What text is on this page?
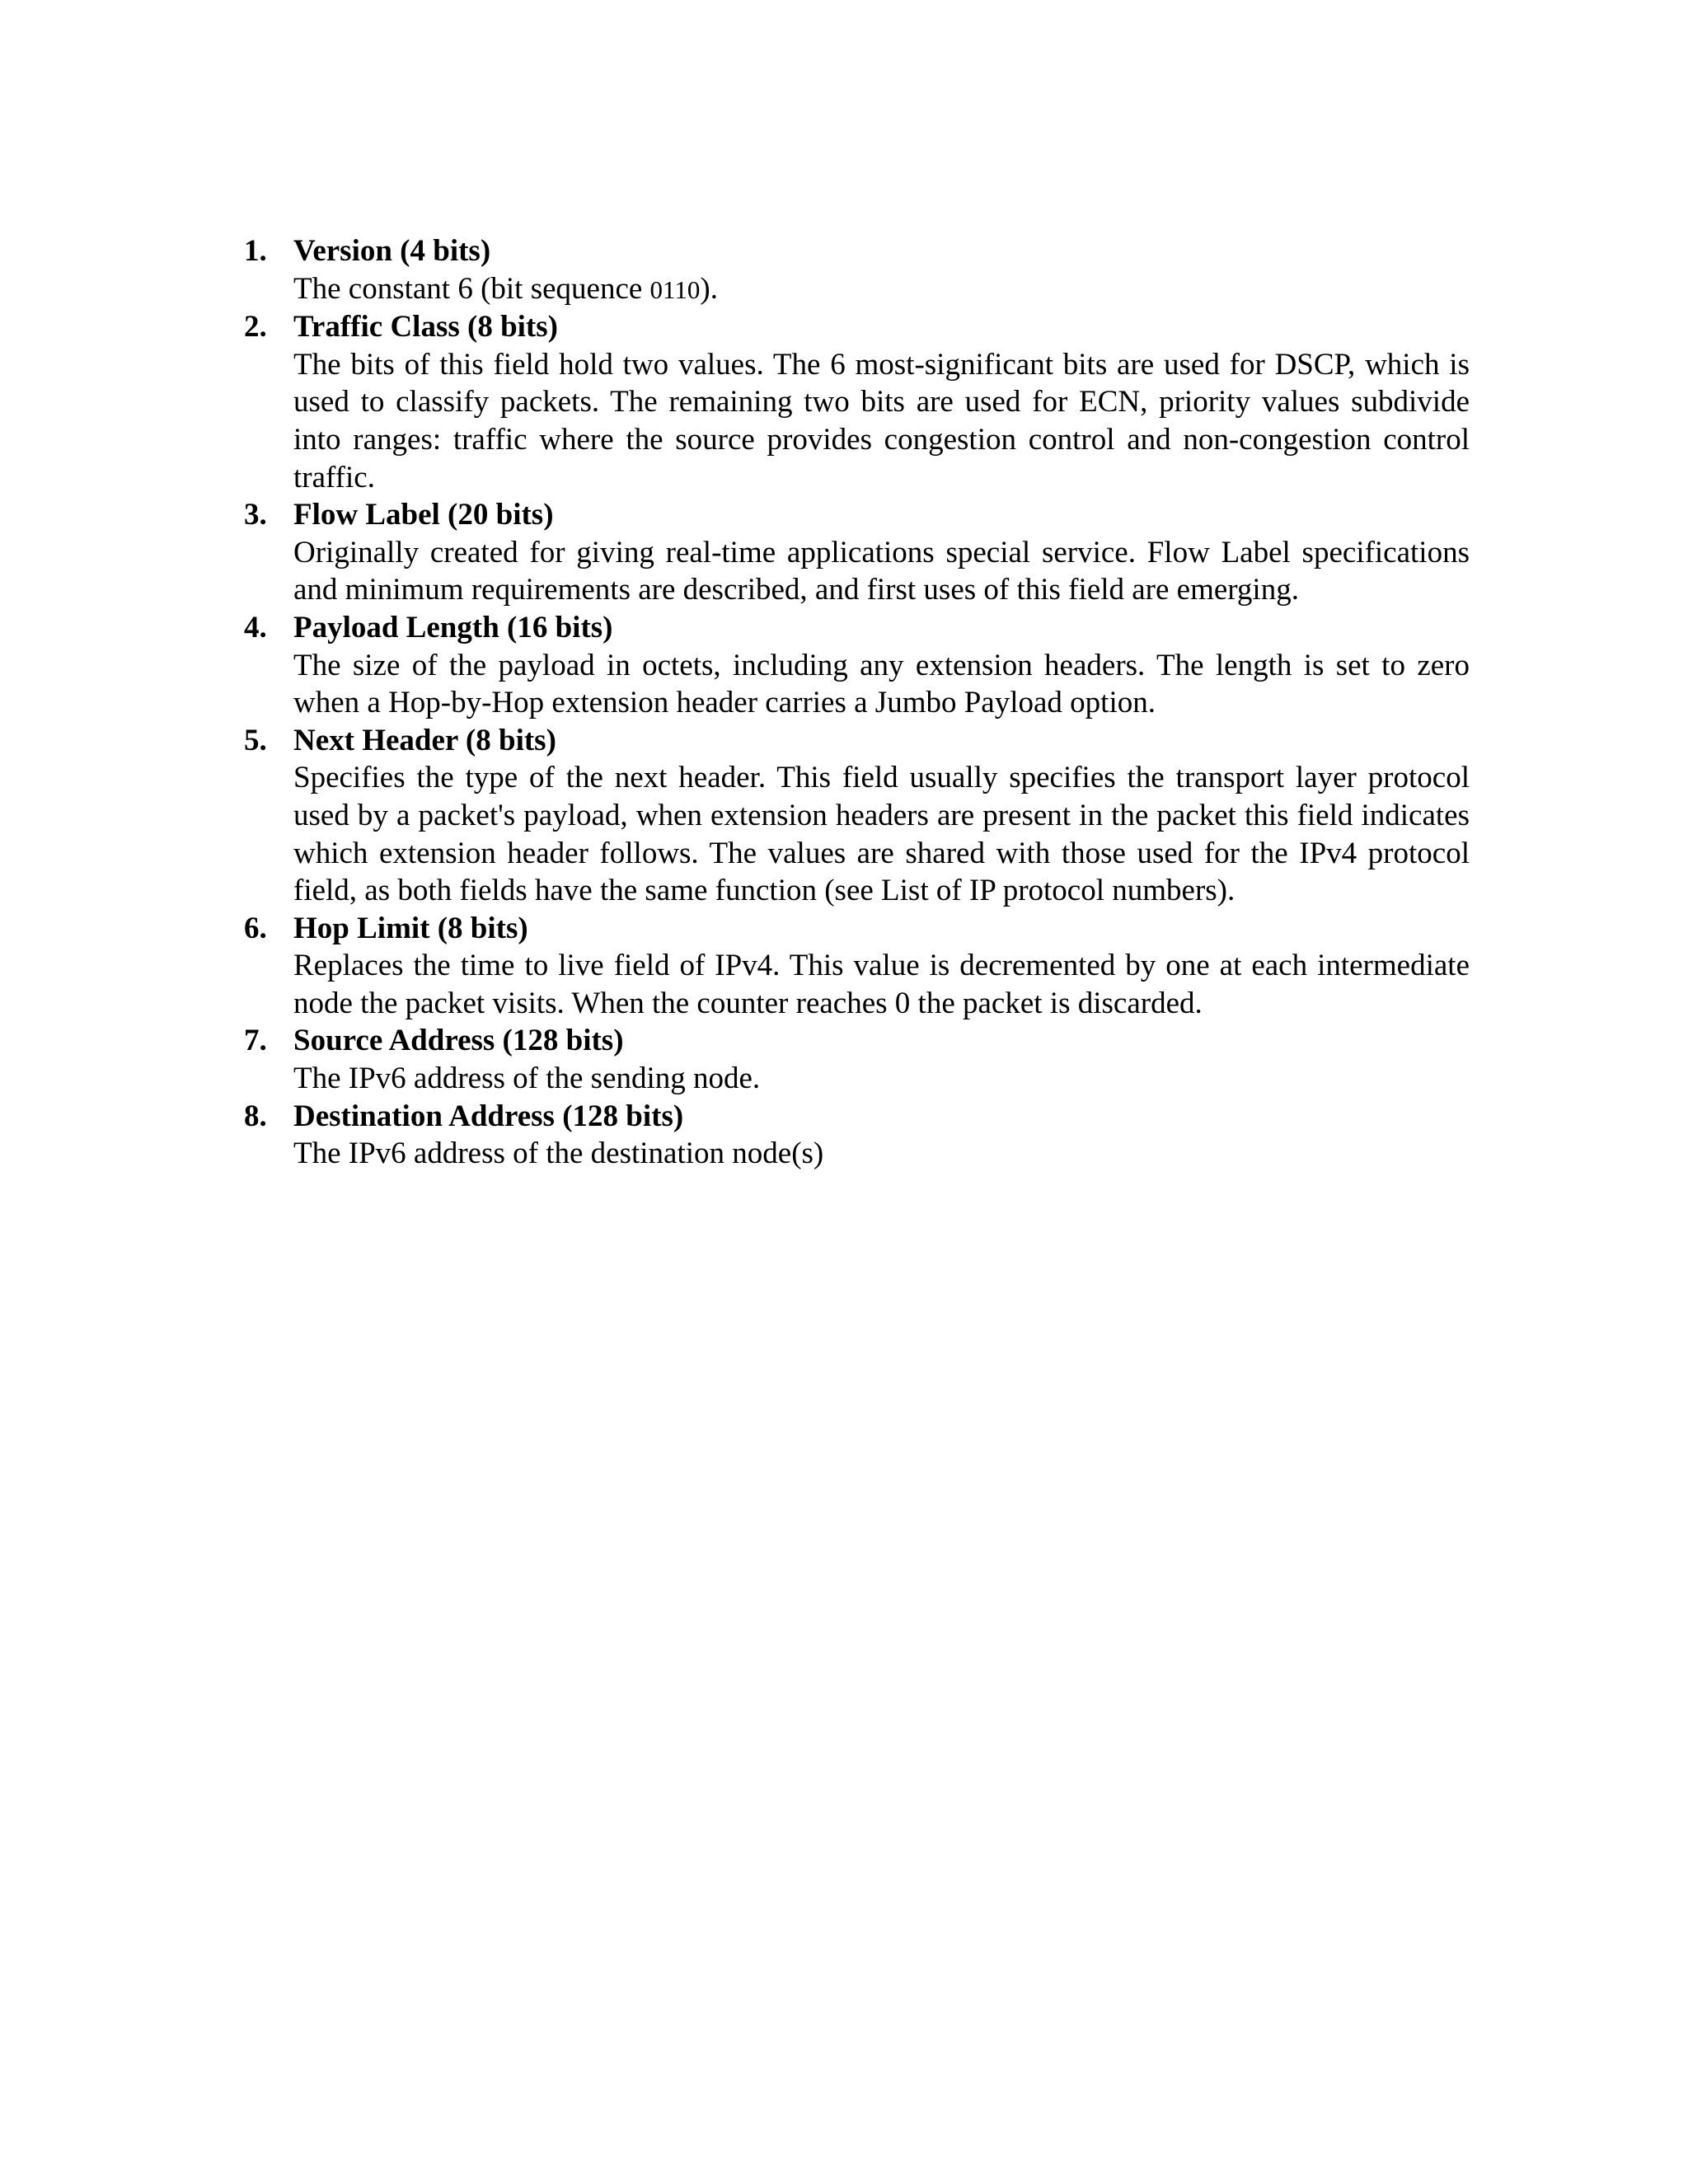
1. Version (4 bits)
The constant 6 (bit sequence 0110).
2. Traffic Class (8 bits)
The bits of this field hold two values. The 6 most-significant bits are used for DSCP, which is used to classify packets. The remaining two bits are used for ECN, priority values subdivide into ranges: traffic where the source provides congestion control and non-congestion control traffic.
3. Flow Label (20 bits)
Originally created for giving real-time applications special service. Flow Label specifications and minimum requirements are described, and first uses of this field are emerging.
4. Payload Length (16 bits)
The size of the payload in octets, including any extension headers. The length is set to zero when a Hop-by-Hop extension header carries a Jumbo Payload option.
5. Next Header (8 bits)
Specifies the type of the next header. This field usually specifies the transport layer protocol used by a packet's payload, when extension headers are present in the packet this field indicates which extension header follows. The values are shared with those used for the IPv4 protocol field, as both fields have the same function (see List of IP protocol numbers).
6. Hop Limit (8 bits)
Replaces the time to live field of IPv4. This value is decremented by one at each intermediate node the packet visits. When the counter reaches 0 the packet is discarded.
7. Source Address (128 bits)
The IPv6 address of the sending node.
8. Destination Address (128 bits)
The IPv6 address of the destination node(s)
